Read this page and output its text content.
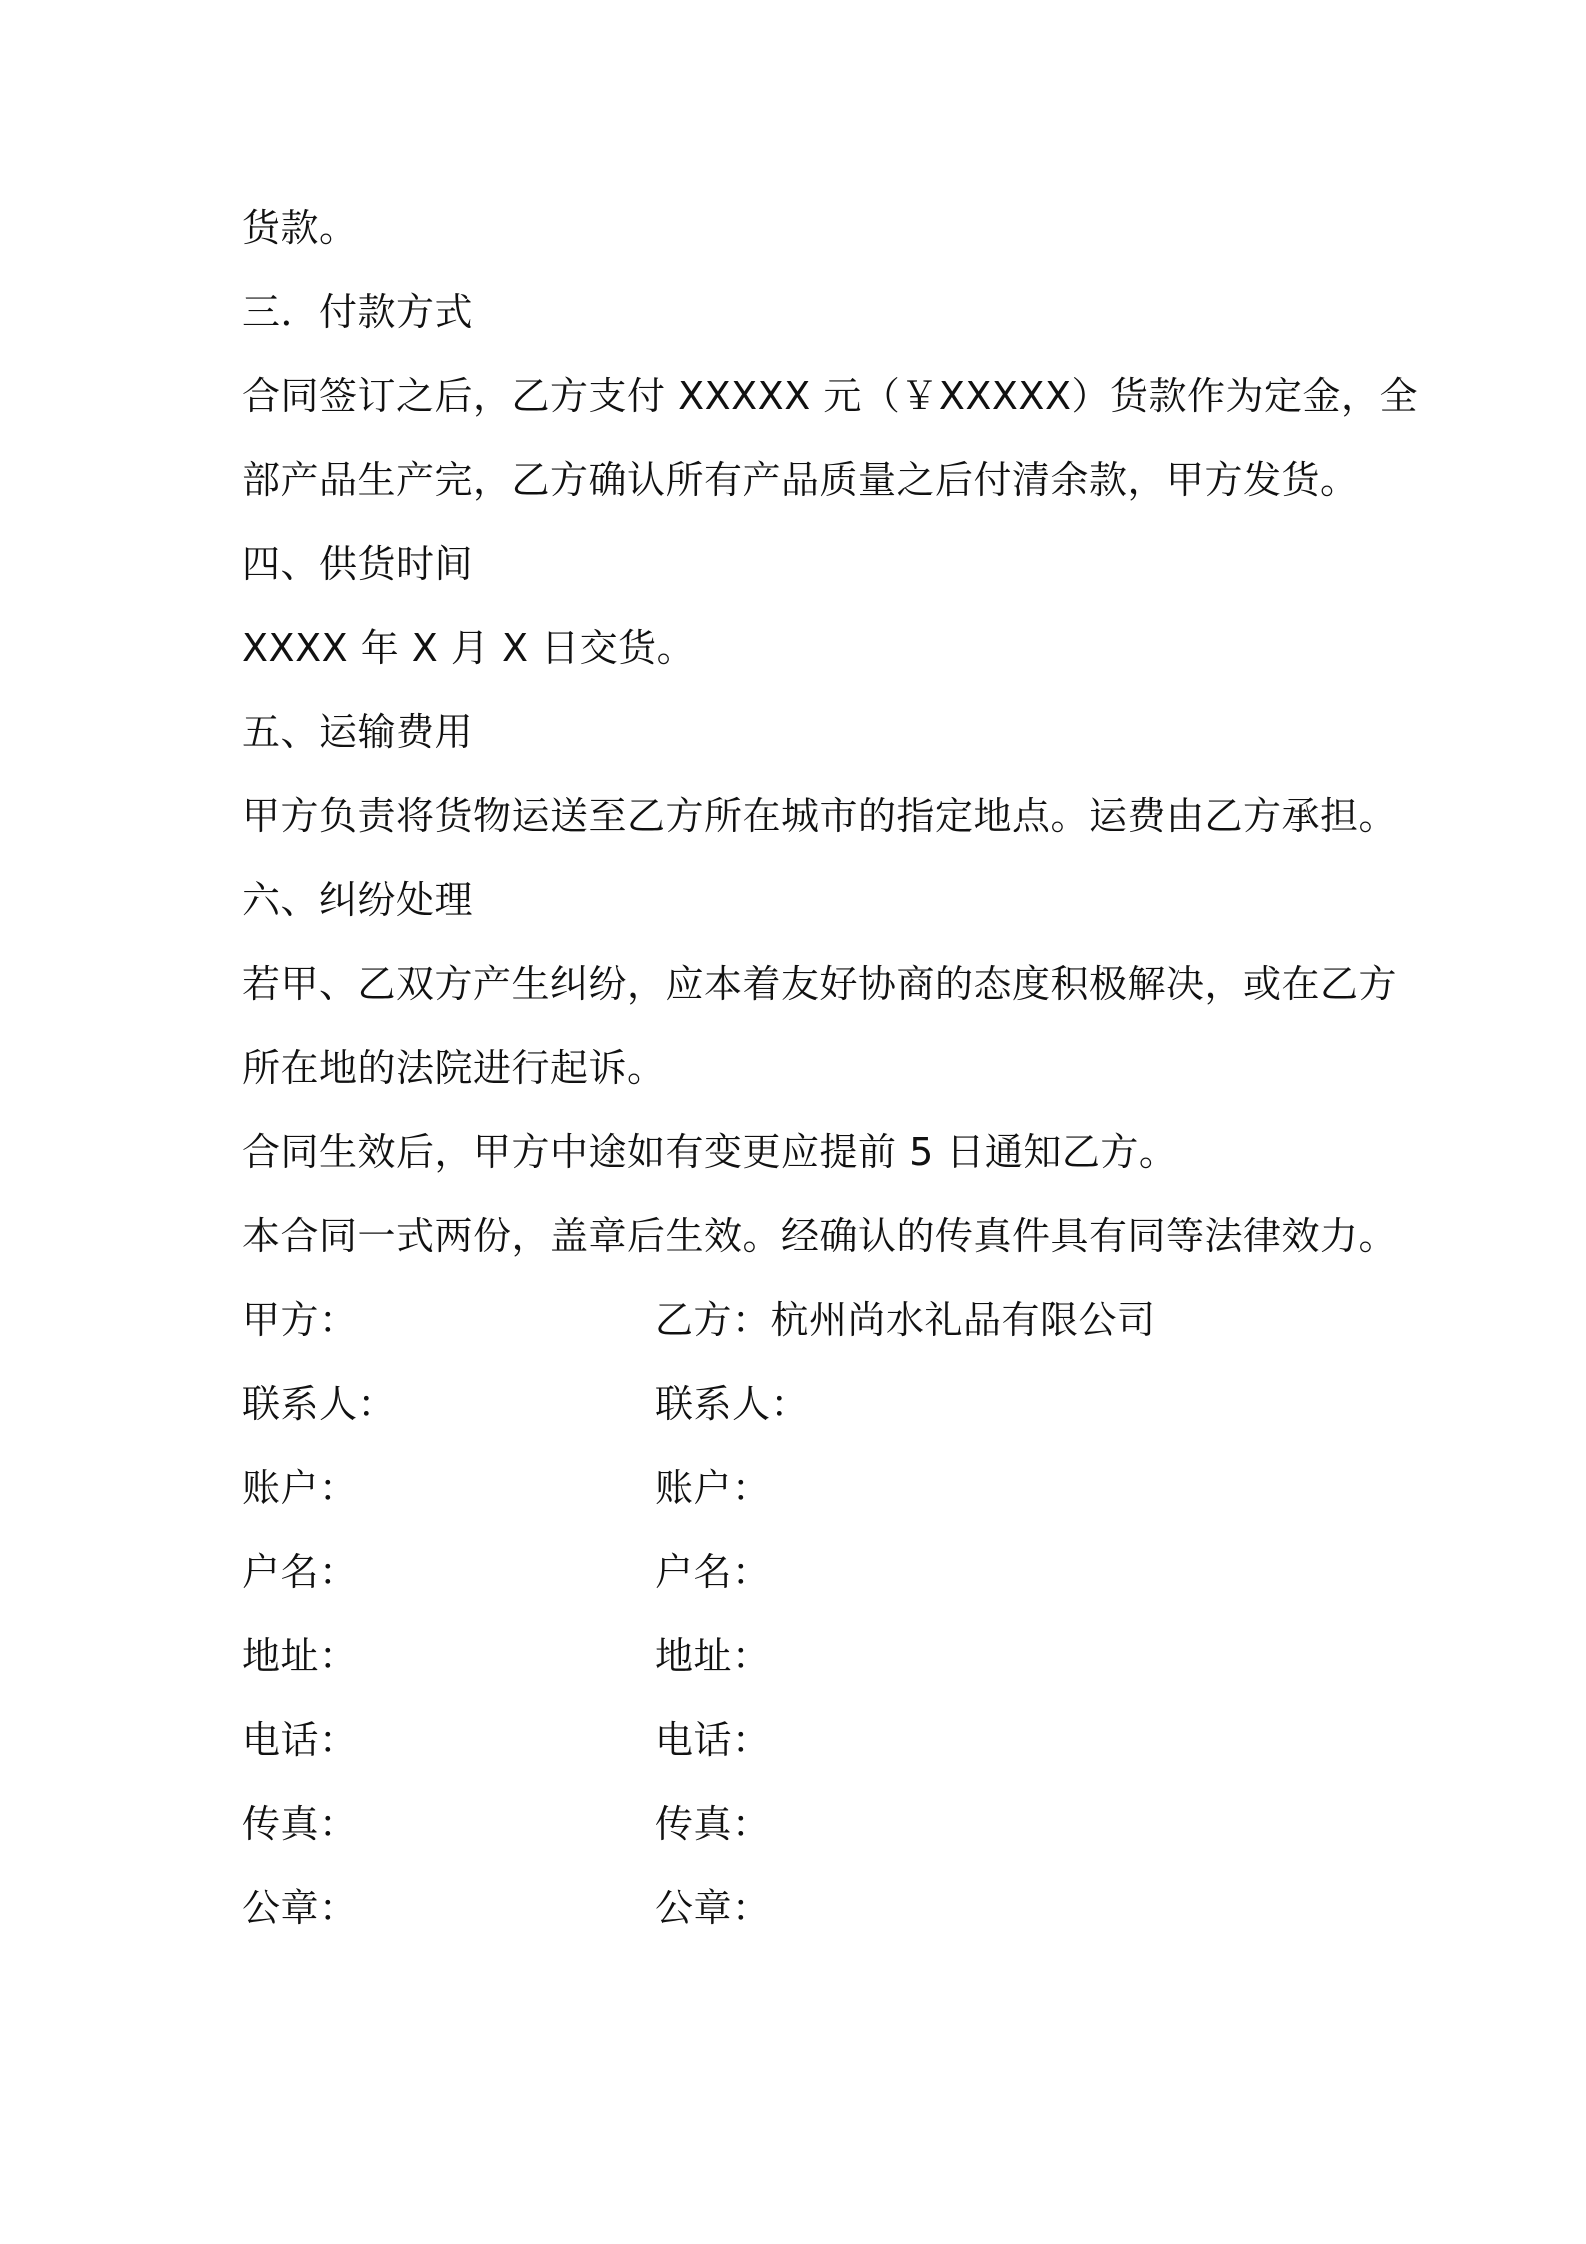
货款。
三．付款方式
合同签订之后，乙方支付 XXXXX 元（￥XXXXX）货款作为定金，全
部产品生产完，乙方确认所有产品质量之后付清余款，甲方发货。
四、供货时间
XXXX 年 X 月 X 日交货。
五、运输费用
甲方负责将货物运送至乙方所在城市的指定地点。运费由乙方承担。
六、纠纷处理
若甲、乙双方产生纠纷，应本着友好协商的态度积极解决，或在乙方
所在地的法院进行起诉。
合同生效后，甲方中途如有变更应提前 5 日通知乙方。
本合同一式两份，盖章后生效。经确认的传真件具有同等法律效力。
甲方：
联系人：
账户：
户名：
地址：
电话：
传真：
公章：
乙方：杭州尚水礼品有限公司
联系人：
账户：
户名：
地址：
电话：
传真：
公章：
